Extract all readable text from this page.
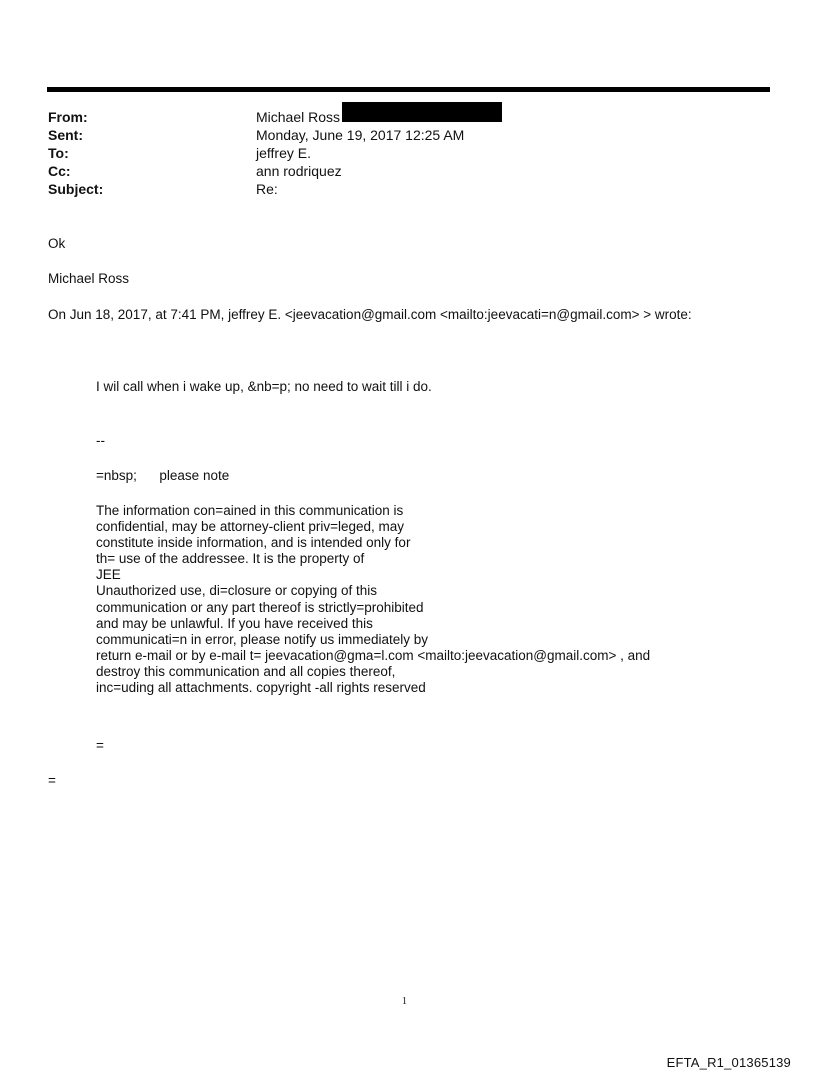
From:	Michael Ross
Sent:	Monday, June 19, 2017 12:25 AM
To:	jeffrey E.
Cc:	ann rodriquez
Subject:	Re:
Ok
Michael Ross
On Jun 18, 2017, at 7:41 PM, jeffrey E. <jeevacation@gmail.com <mailto:jeevacati=n@gmail.com> > wrote:
I wil call when i wake up, &nb=p; no need to wait till i do.
--
=nbsp;      please note
The information con=ained in this communication is
confidential, may be attorney-client priv=leged, may
constitute inside information, and is intended only for
th= use of the addressee. It is the property of
JEE
Unauthorized use, di=closure or copying of this
communication or any part thereof is strictly=prohibited
and may be unlawful. If you have received this
communicati=n in error, please notify us immediately by
return e-mail or by e-mail t= jeevacation@gma=l.com <mailto:jeevacation@gmail.com> , and
destroy this communication and all copies thereof,
inc=uding all attachments. copyright -all rights reserved
=
=
1
EFTA_R1_01365139
